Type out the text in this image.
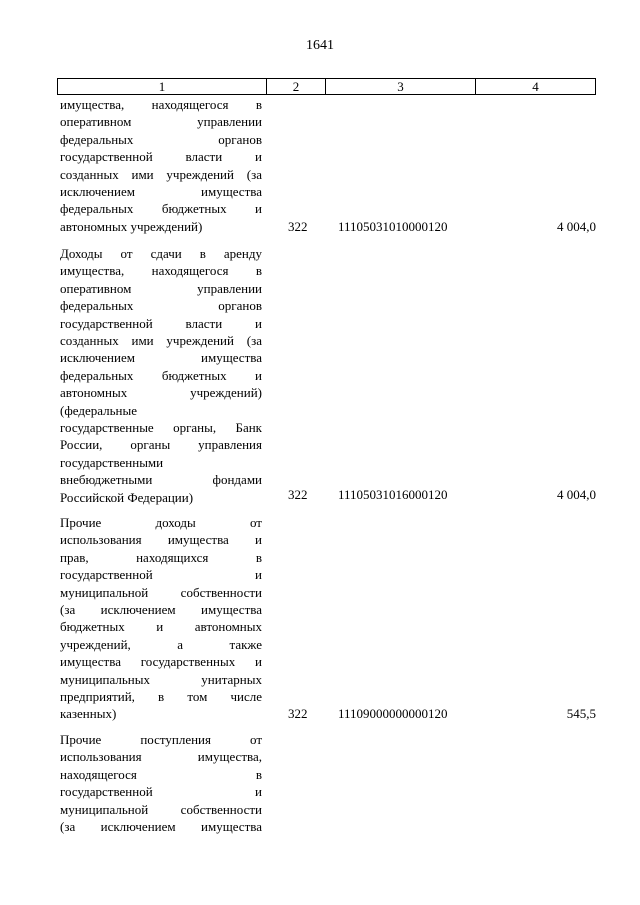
1641
1	2	3	4

имущества, находящегося в

оперативном управлении

федеральных органов

государственной власти и

созданных ими учреждений (за

исключением имущества

федеральных бюджетных и

автономных учреждений)	322 11105031010000120	4 004,0

Доходы от сдачи в аренду

имущества, находящегося в

оперативном управлении

федеральных органов

государственной власти и

созданных ими учреждений (за

исключением имущества

федеральных бюджетных и

автономных учреждений)

(федеральные

государственные органы, Банк

России, органы управления

государственными

внебюджетными фондами

Российской Федерации)	322 11105031016000120	4 004,0

Прочие доходы от

использования имущества и

прав, находящихся в

государственной и

муниципальной собственности

(за исключением имущества

бюджетных и автономных

учреждений, а также

имущества государственных и

муниципальных унитарных

предприятий, в том числе

казенных)	322 11109000000000120	545,5

Прочие поступления от

использования имущества,

находящегося в

государственной и

муниципальной собственности

(за исключением имущества
